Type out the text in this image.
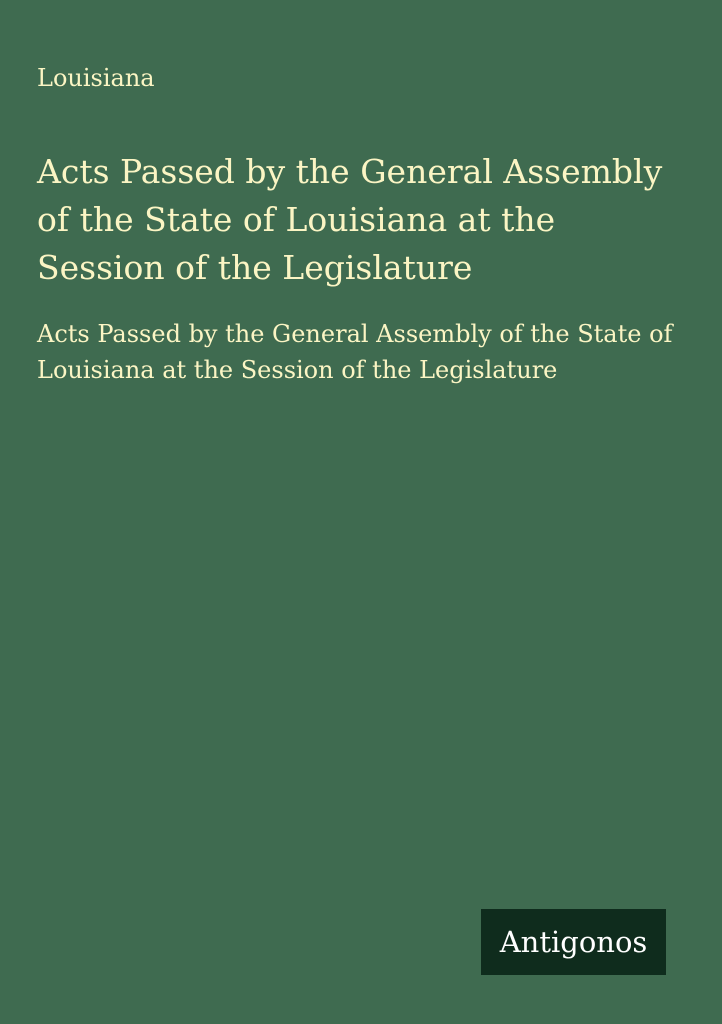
Louisiana
Acts Passed by the General Assembly of the State of Louisiana at the Session of the Legislature

Acts Passed by the General Assembly of the State of Louisiana at the Session of the Legislature

Antigonos
